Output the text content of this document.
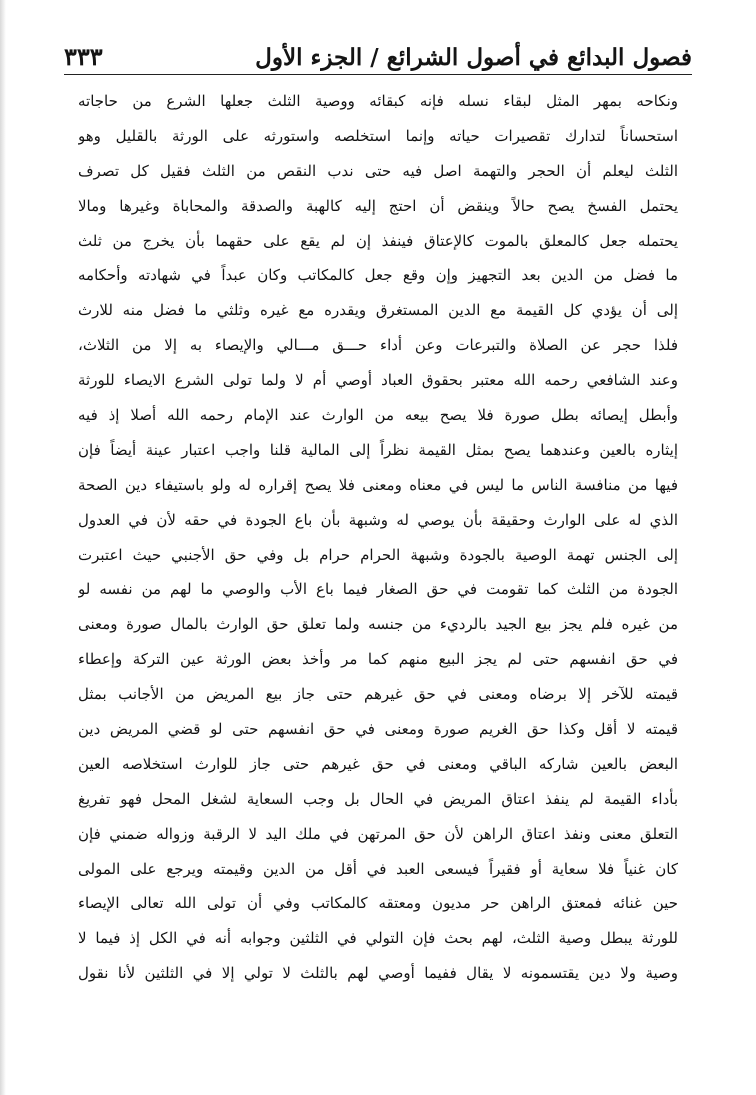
فصول البدائع في أصول الشرائع / الجزء الأول
٣٣٣
ونكاحه بمهر المثل لبقاء نسله فإنه كبقائه ووصية الثلث جعلها الشرع من حاجاته
استحساناً لتدارك تقصيرات حياته وإنما استخلصه واستورثه على الورثة بالقليل وهو
الثلث ليعلم أن الحجر والتهمة اصل فيه حتى ندب النقص من الثلث فقيل كل تصرف
يحتمل الفسخ يصح حالاً وينقض أن احتج إليه كالهبة والصدقة والمحاباة وغيرها ومالا
يحتمله جعل كالمعلق بالموت كالإعتاق فينفذ إن لم يقع على حقهما بأن يخرج من ثلث
ما فضل من الدين بعد التجهيز وإن وقع جعل كالمكاتب وكان عبداً في شهادته وأحكامه
إلى أن يؤدي كل القيمة مع الدين المستغرق ويقدره مع غيره وثلثي ما فضل منه للارث
فلذا حجر عن الصلاة والتبرعات وعن أداء حـــق مـــالي والإيصاء به إلا من الثلاث،
وعند الشافعي رحمه الله معتبر بحقوق العباد أوصي أم لا ولما تولى الشرع الايصاء للورثة
وأبطل إيصائه بطل صورة فلا يصح بيعه من الوارث عند الإمام رحمه الله أصلا إذ فيه
إيثاره بالعين وعندهما يصح بمثل القيمة نظراً إلى المالية قلنا واجب اعتبار عينة أيضاً فإن
فيها من منافسة الناس ما ليس في معناه ومعنى فلا يصح إقراره له ولو باستيفاء دين الصحة
الذي له على الوارث وحقيقة بأن يوصي له وشبهة بأن باع الجودة في حقه لأن في العدول
إلى الجنس تهمة الوصية بالجودة وشبهة الحرام حرام بل وفي حق الأجنبي حيث اعتبرت
الجودة من الثلث كما تقومت في حق الصغار فيما باع الأب والوصي ما لهم من نفسه لو
من غيره فلم يجز بيع الجيد بالرديء من جنسه ولما تعلق حق الوارث بالمال صورة ومعنى
في حق انفسهم حتى لم يجز البيع منهم كما مر وأخذ بعض الورثة عين التركة وإعطاء
قيمته للآخر إلا برضاه ومعنى في حق غيرهم حتى جاز بيع المريض من الأجانب بمثل
قيمته لا أقل وكذا حق الغريم صورة ومعنى في حق انفسهم حتى لو قضي المريض دين
البعض بالعين شاركه الباقي ومعنى في حق غيرهم حتى جاز للوارث استخلاصه العين
بأداء القيمة لم ينفذ اعتاق المريض في الحال بل وجب السعاية لشغل المحل فهو تفريغ
التعلق معنى ونفذ اعتاق الراهن لأن حق المرتهن في ملك اليد لا الرقبة وزواله ضمني فإن
كان غنياً فلا سعاية أو فقيراً فيسعى العبد في أقل من الدين وقيمته ويرجع على المولى
حين غنائه فمعتق الراهن حر مديون ومعتقه كالمكاتب وفي أن تولى الله تعالى الإيصاء
للورثة يبطل وصية الثلث، لهم بحث فإن التولي في الثلثين وجوابه أنه في الكل إذ فيما لا
وصية ولا دين يقتسمونه لا يقال ففيما أوصي لهم بالثلث لا تولي إلا في الثلثين لأنا نقول
